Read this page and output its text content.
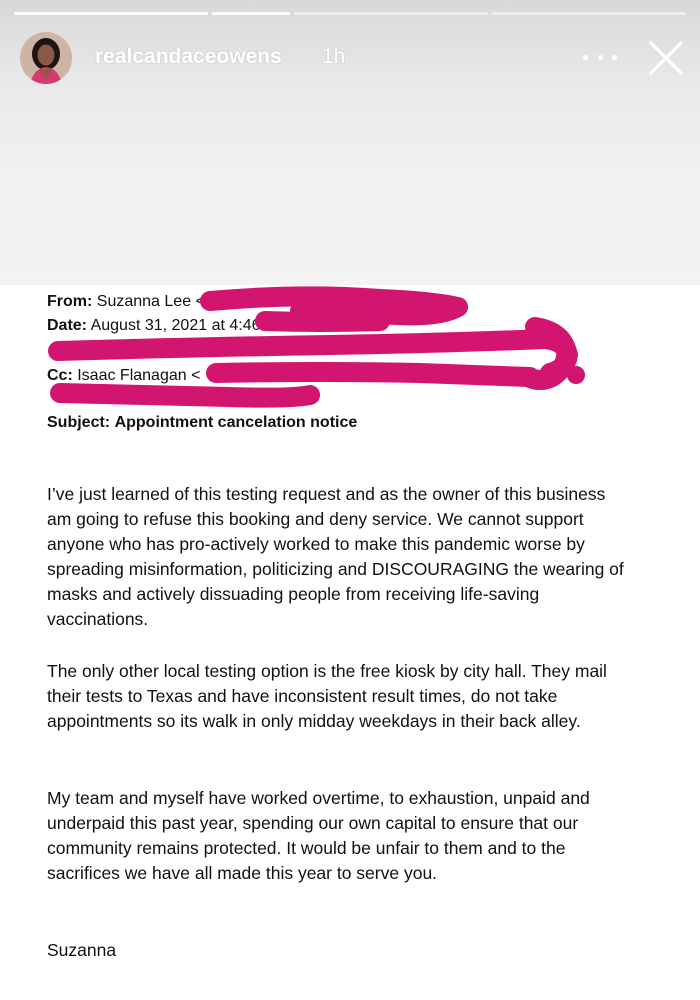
realcandaceowens 1h
From: Suzanna Lee <
Date: August 31, 2021 at 4:46:17
Cc: Isaac Flanagan <
Subject: Appointment cancelation notice

I’ve just learned of this testing request and as the owner of this business am going to refuse this booking and deny service. We cannot support anyone who has pro-actively worked to make this pandemic worse by spreading misinformation, politicizing and DISCOURAGING the wearing of masks and actively dissuading people from receiving life-saving vaccinations.

The only other local testing option is the free kiosk by city hall. They mail their tests to Texas and have inconsistent result times, do not take appointments so its walk in only midday weekdays in their back alley.

My team and myself have worked overtime, to exhaustion, unpaid and underpaid this past year, spending our own capital to ensure that our community remains protected. It would be unfair to them and to the sacrifices we have all made this year to serve you.

Suzanna
